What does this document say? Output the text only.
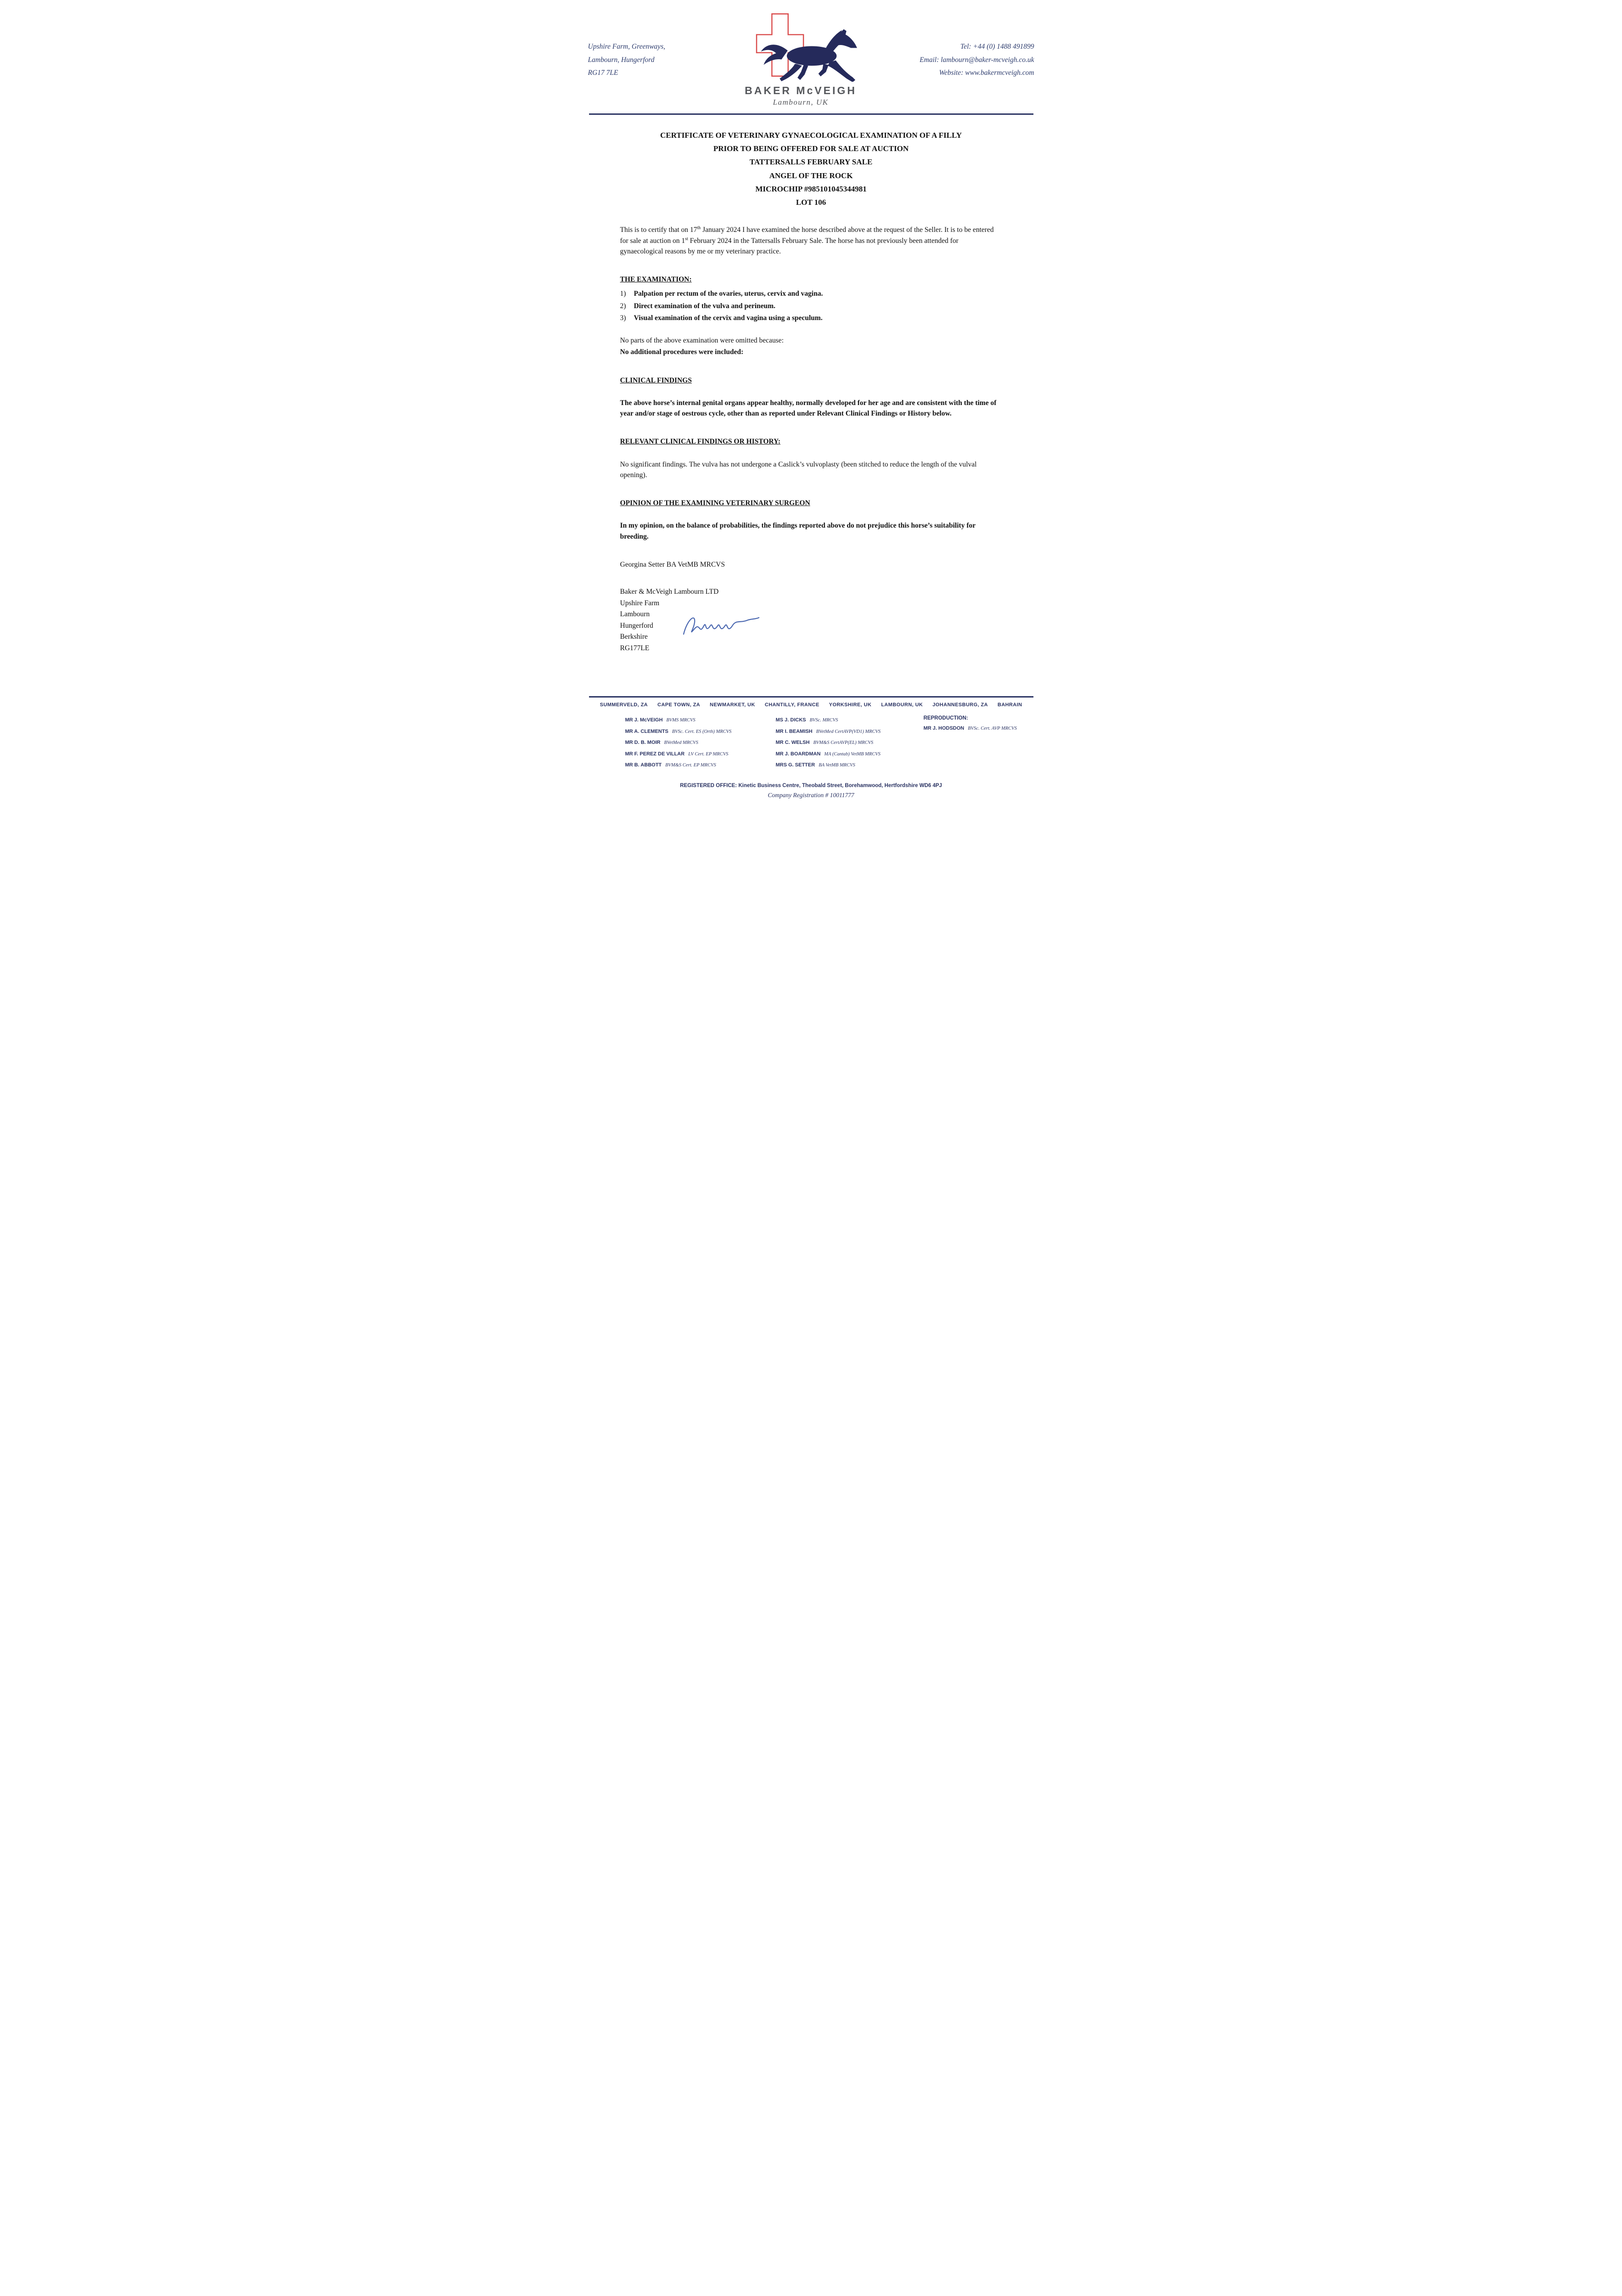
Upshire Farm, Greenways,
Lambourn, Hungerford
RG17 7LE
BAKER McVEIGH
Lambourn, UK
Tel: +44 (0) 1488 491899
Email: lambourn@baker-mcveigh.co.uk
Website: www.bakermcveigh.com
CERTIFICATE OF VETERINARY GYNAECOLOGICAL EXAMINATION OF A FILLY
PRIOR TO BEING OFFERED FOR SALE AT AUCTION
TATTERSALLS FEBRUARY SALE
ANGEL OF THE ROCK
MICROCHIP #985101045344981
LOT 106

This is to certify that on 17th January 2024 I have examined the horse described above at the request of the Seller. It is to be entered for sale at auction on 1st February 2024 in the Tattersalls February Sale. The horse has not previously been attended for gynaecological reasons by me or my veterinary practice.

THE EXAMINATION:
1)	Palpation per rectum of the ovaries, uterus, cervix and vagina.
2)	Direct examination of the vulva and perineum.
3)	Visual examination of the cervix and vagina using a speculum.

No parts of the above examination were omitted because:

No additional procedures were included:

CLINICAL FINDINGS

The above horse’s internal genital organs appear healthy, normally developed for her age and are consistent with the time of year and/or stage of oestrous cycle, other than as reported under Relevant Clinical Findings or History below.

RELEVANT CLINICAL FINDINGS OR HISTORY:

No significant findings. The vulva has not undergone a Caslick’s vulvoplasty (been stitched to reduce the length of the vulval opening).

OPINION OF THE EXAMINING VETERINARY SURGEON

In my opinion, on the balance of probabilities, the findings reported above do not prejudice this horse’s suitability for breeding.

Georgina Setter BA VetMB MRCVS

Baker & McVeigh Lambourn LTD
Upshire Farm
Lambourn
Hungerford
Berkshire
RG177LE
SUMMERVELD, ZA CAPE TOWN, ZA NEWMARKET, UK CHANTILLY, FRANCE YORKSHIRE, UK LAMBOURN, UK JOHANNESBURG, ZA BAHRAIN
MR J. McVEIGH BVMS MRCVS
MR A. CLEMENTS BVSc. Cert. ES (Orth) MRCVS
MR D. B. MOIR BVetMed MRCVS
MR F. PEREZ DE VILLAR LV Cert. EP MRCVS
MR B. ABBOTT BVM&S Cert. EP MRCVS
MS J. DICKS BVSc. MRCVS
MR I. BEAMISH BVetMed CertAVP(VD1) MRCVS
MR C. WELSH BVM&S CertAVP(EL) MRCVS
MR J. BOARDMAN MA (Cantab) VetMB MRCVS
MRS G. SETTER BA VetMB MRCVS
REPRODUCTION:
MR J. HODSDON BVSc. Cert. AVP MRCVS
REGISTERED OFFICE: Kinetic Business Centre, Theobald Street, Borehamwood, Hertfordshire WD6 4PJ
Company Registration # 10011777
